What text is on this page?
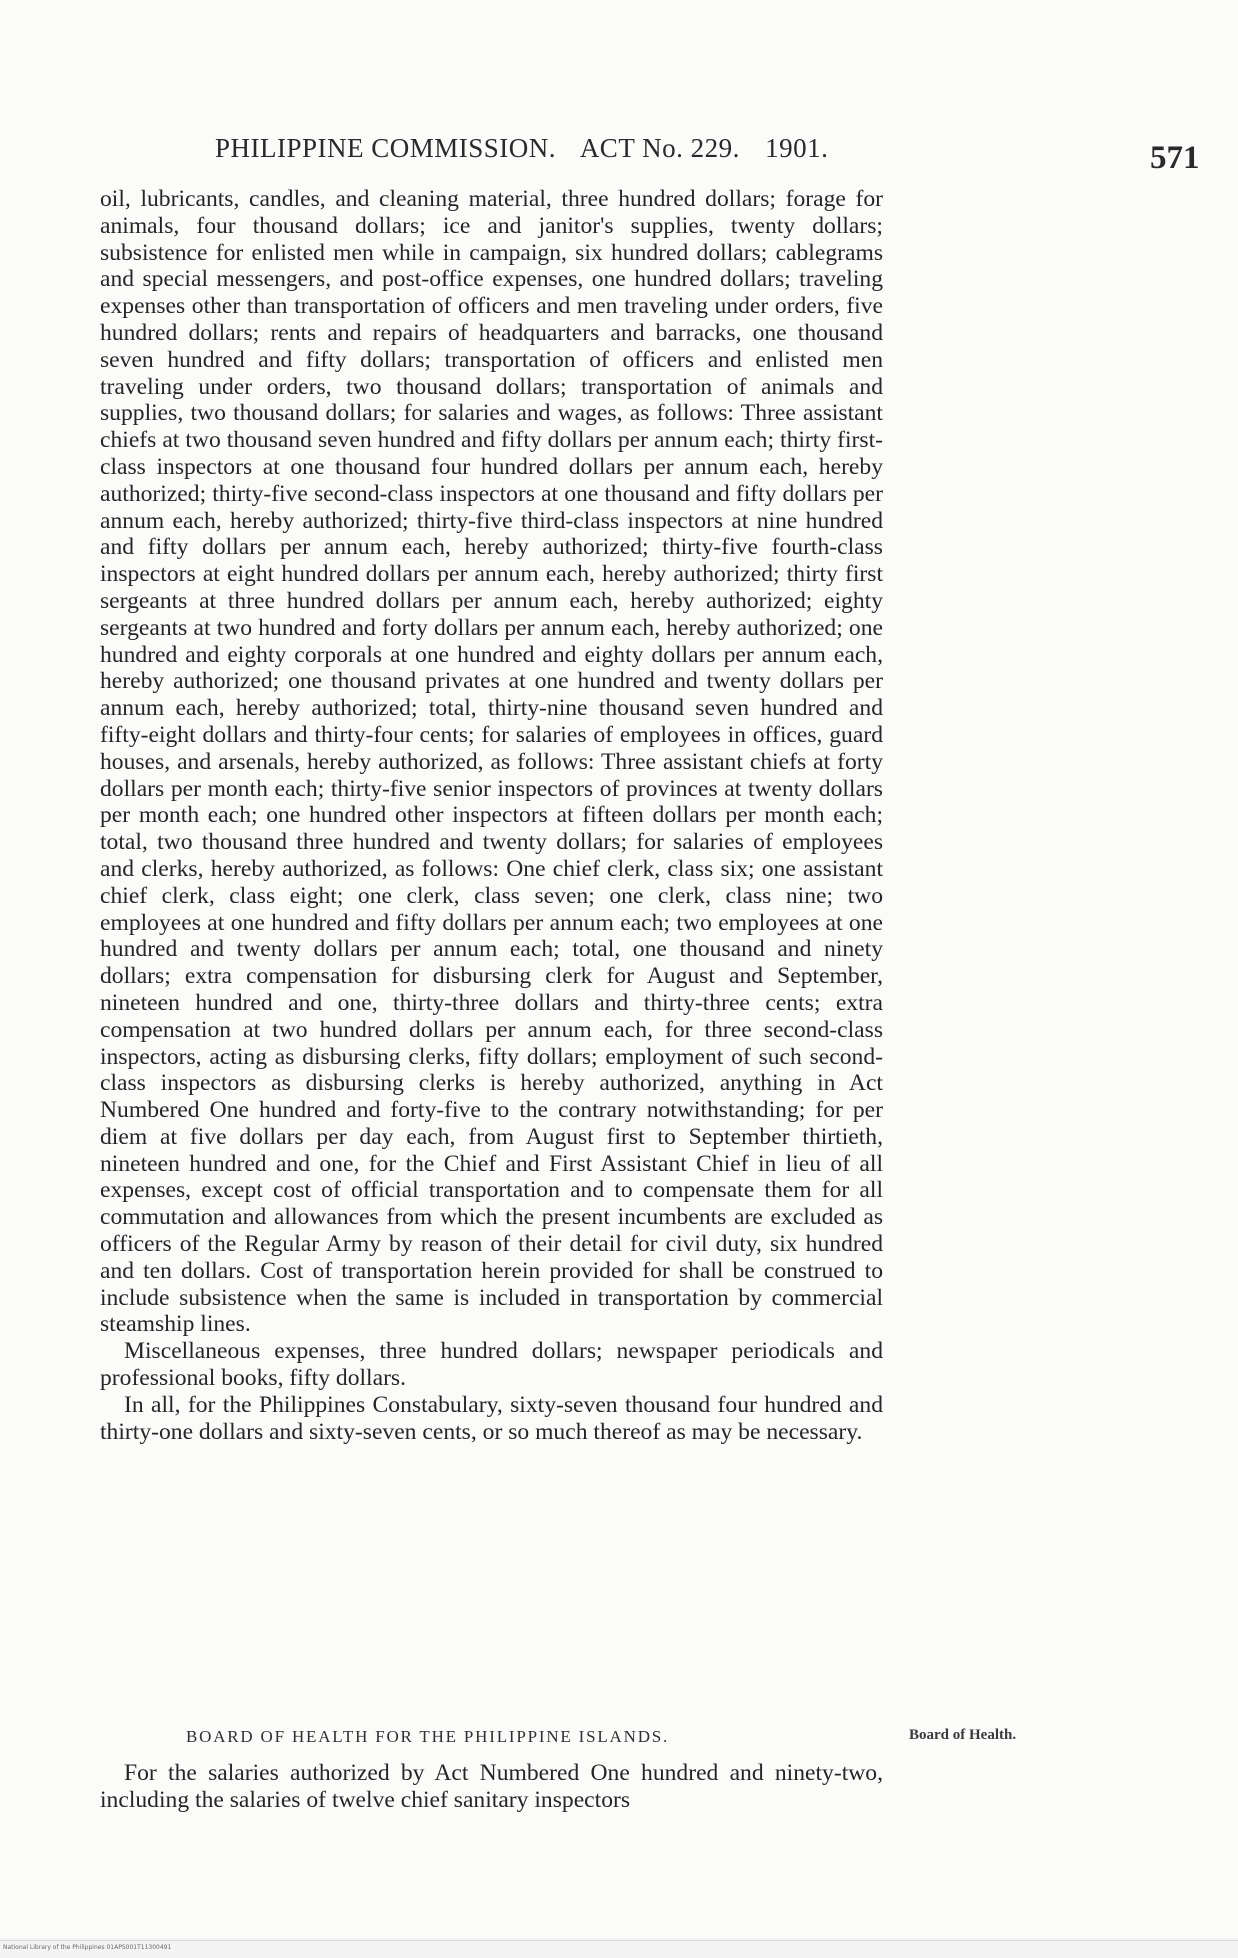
PHILIPPINE COMMISSION. ACT No. 229. 1901.	571

oil, lubricants, candles, and cleaning material, three hundred dollars; forage for animals, four thousand dollars; ice and janitor's supplies, twenty dollars; subsistence for enlisted men while in campaign, six hundred dollars; cablegrams and special messengers, and post-office expenses, one hundred dollars; traveling expenses other than transportation of officers and men traveling under orders, five hundred dollars; rents and repairs of headquarters and barracks, one thousand seven hundred and fifty dollars; transportation of officers and enlisted men traveling under orders, two thousand dollars; transportation of animals and supplies, two thousand dollars; for salaries and wages, as follows: Three assistant chiefs at two thousand seven hundred and fifty dollars per annum each; thirty first-class inspectors at one thousand four hundred dollars per annum each, hereby authorized; thirty-five second-class inspectors at one thousand and fifty dollars per annum each, hereby authorized; thirty-five third-class inspectors at nine hundred and fifty dollars per annum each, hereby authorized; thirty-five fourth-class inspectors at eight hundred dollars per annum each, hereby authorized; thirty first sergeants at three hundred dollars per annum each, hereby authorized; eighty sergeants at two hundred and forty dollars per annum each, hereby authorized; one hundred and eighty corporals at one hundred and eighty dollars per annum each, hereby authorized; one thousand privates at one hundred and twenty dollars per annum each, hereby authorized; total, thirty-nine thousand seven hundred and fifty-eight dollars and thirty-four cents; for salaries of employees in offices, guard houses, and arsenals, hereby authorized, as follows: Three assistant chiefs at forty dollars per month each; thirty-five senior inspectors of provinces at twenty dollars per month each; one hundred other inspectors at fifteen dollars per month each; total, two thousand three hundred and twenty dollars; for salaries of employees and clerks, hereby authorized, as follows: One chief clerk, class six; one assistant chief clerk, class eight; one clerk, class seven; one clerk, class nine; two employees at one hundred and fifty dollars per annum each; two employees at one hundred and twenty dollars per annum each; total, one thousand and ninety dollars; extra compensation for disbursing clerk for August and September, nineteen hundred and one, thirty-three dollars and thirty-three cents; extra compensation at two hundred dollars per annum each, for three second-class inspectors, acting as disbursing clerks, fifty dollars; employment of such second-class inspectors as disbursing clerks is hereby authorized, anything in Act Numbered One hundred and forty-five to the contrary notwithstanding; for per diem at five dollars per day each, from August first to September thirtieth, nineteen hundred and one, for the Chief and First Assistant Chief in lieu of all expenses, except cost of official transportation and to compensate them for all commutation and allowances from which the present incumbents are excluded as officers of the Regular Army by reason of their detail for civil duty, six hundred and ten dollars. Cost of transportation herein provided for shall be construed to include subsistence when the same is included in transportation by commercial steamship lines.

Miscellaneous expenses, three hundred dollars; newspaper periodicals and professional books, fifty dollars.

In all, for the Philippines Constabulary, sixty-seven thousand four hundred and thirty-one dollars and sixty-seven cents, or so much thereof as may be necessary.

BOARD OF HEALTH FOR THE PHILIPPINE ISLANDS.	Board of Health.

For the salaries authorized by Act Numbered One hundred and ninety-two, including the salaries of twelve chief sanitary inspectors

National Library of the Philippines 01APS001T11300491
